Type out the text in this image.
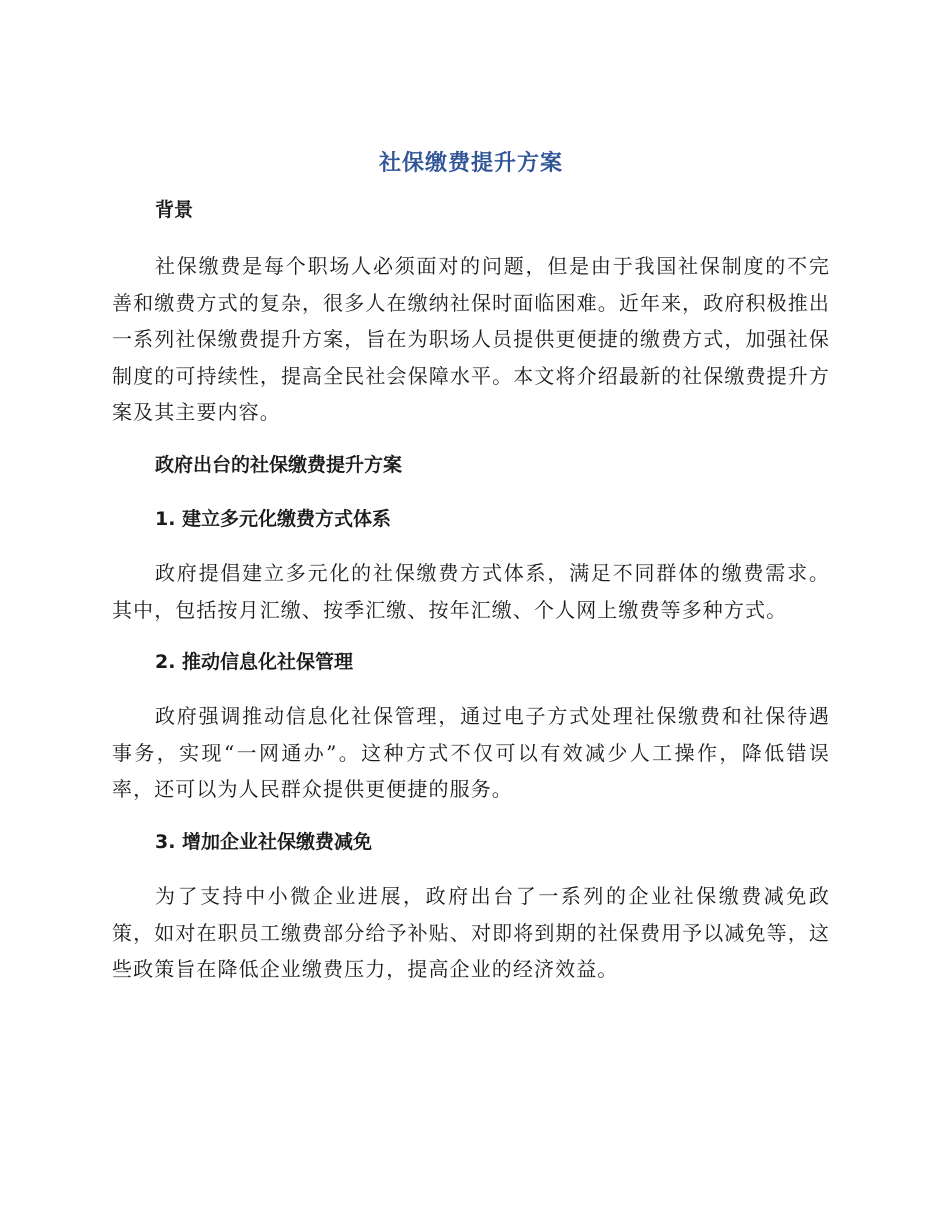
社保缴费提升方案
背景

社保缴费是每个职场人必须面对的问题，但是由于我国社保制度的不完善和缴费方式的复杂，很多人在缴纳社保时面临困难。近年来，政府积极推出一系列社保缴费提升方案，旨在为职场人员提供更便捷的缴费方式，加强社保制度的可持续性，提高全民社会保障水平。本文将介绍最新的社保缴费提升方案及其主要内容。

政府出台的社保缴费提升方案
1. 建立多元化缴费方式体系

政府提倡建立多元化的社保缴费方式体系，满足不同群体的缴费需求。其中，包括按月汇缴、按季汇缴、按年汇缴、个人网上缴费等多种方式。

2. 推动信息化社保管理

政府强调推动信息化社保管理，通过电子方式处理社保缴费和社保待遇事务，实现“一网通办”。这种方式不仅可以有效减少人工操作，降低错误率，还可以为人民群众提供更便捷的服务。

3. 增加企业社保缴费减免

为了支持中小微企业进展，政府出台了一系列的企业社保缴费减免政策，如对在职员工缴费部分给予补贴、对即将到期的社保费用予以减免等，这些政策旨在降低企业缴费压力，提高企业的经济效益。
